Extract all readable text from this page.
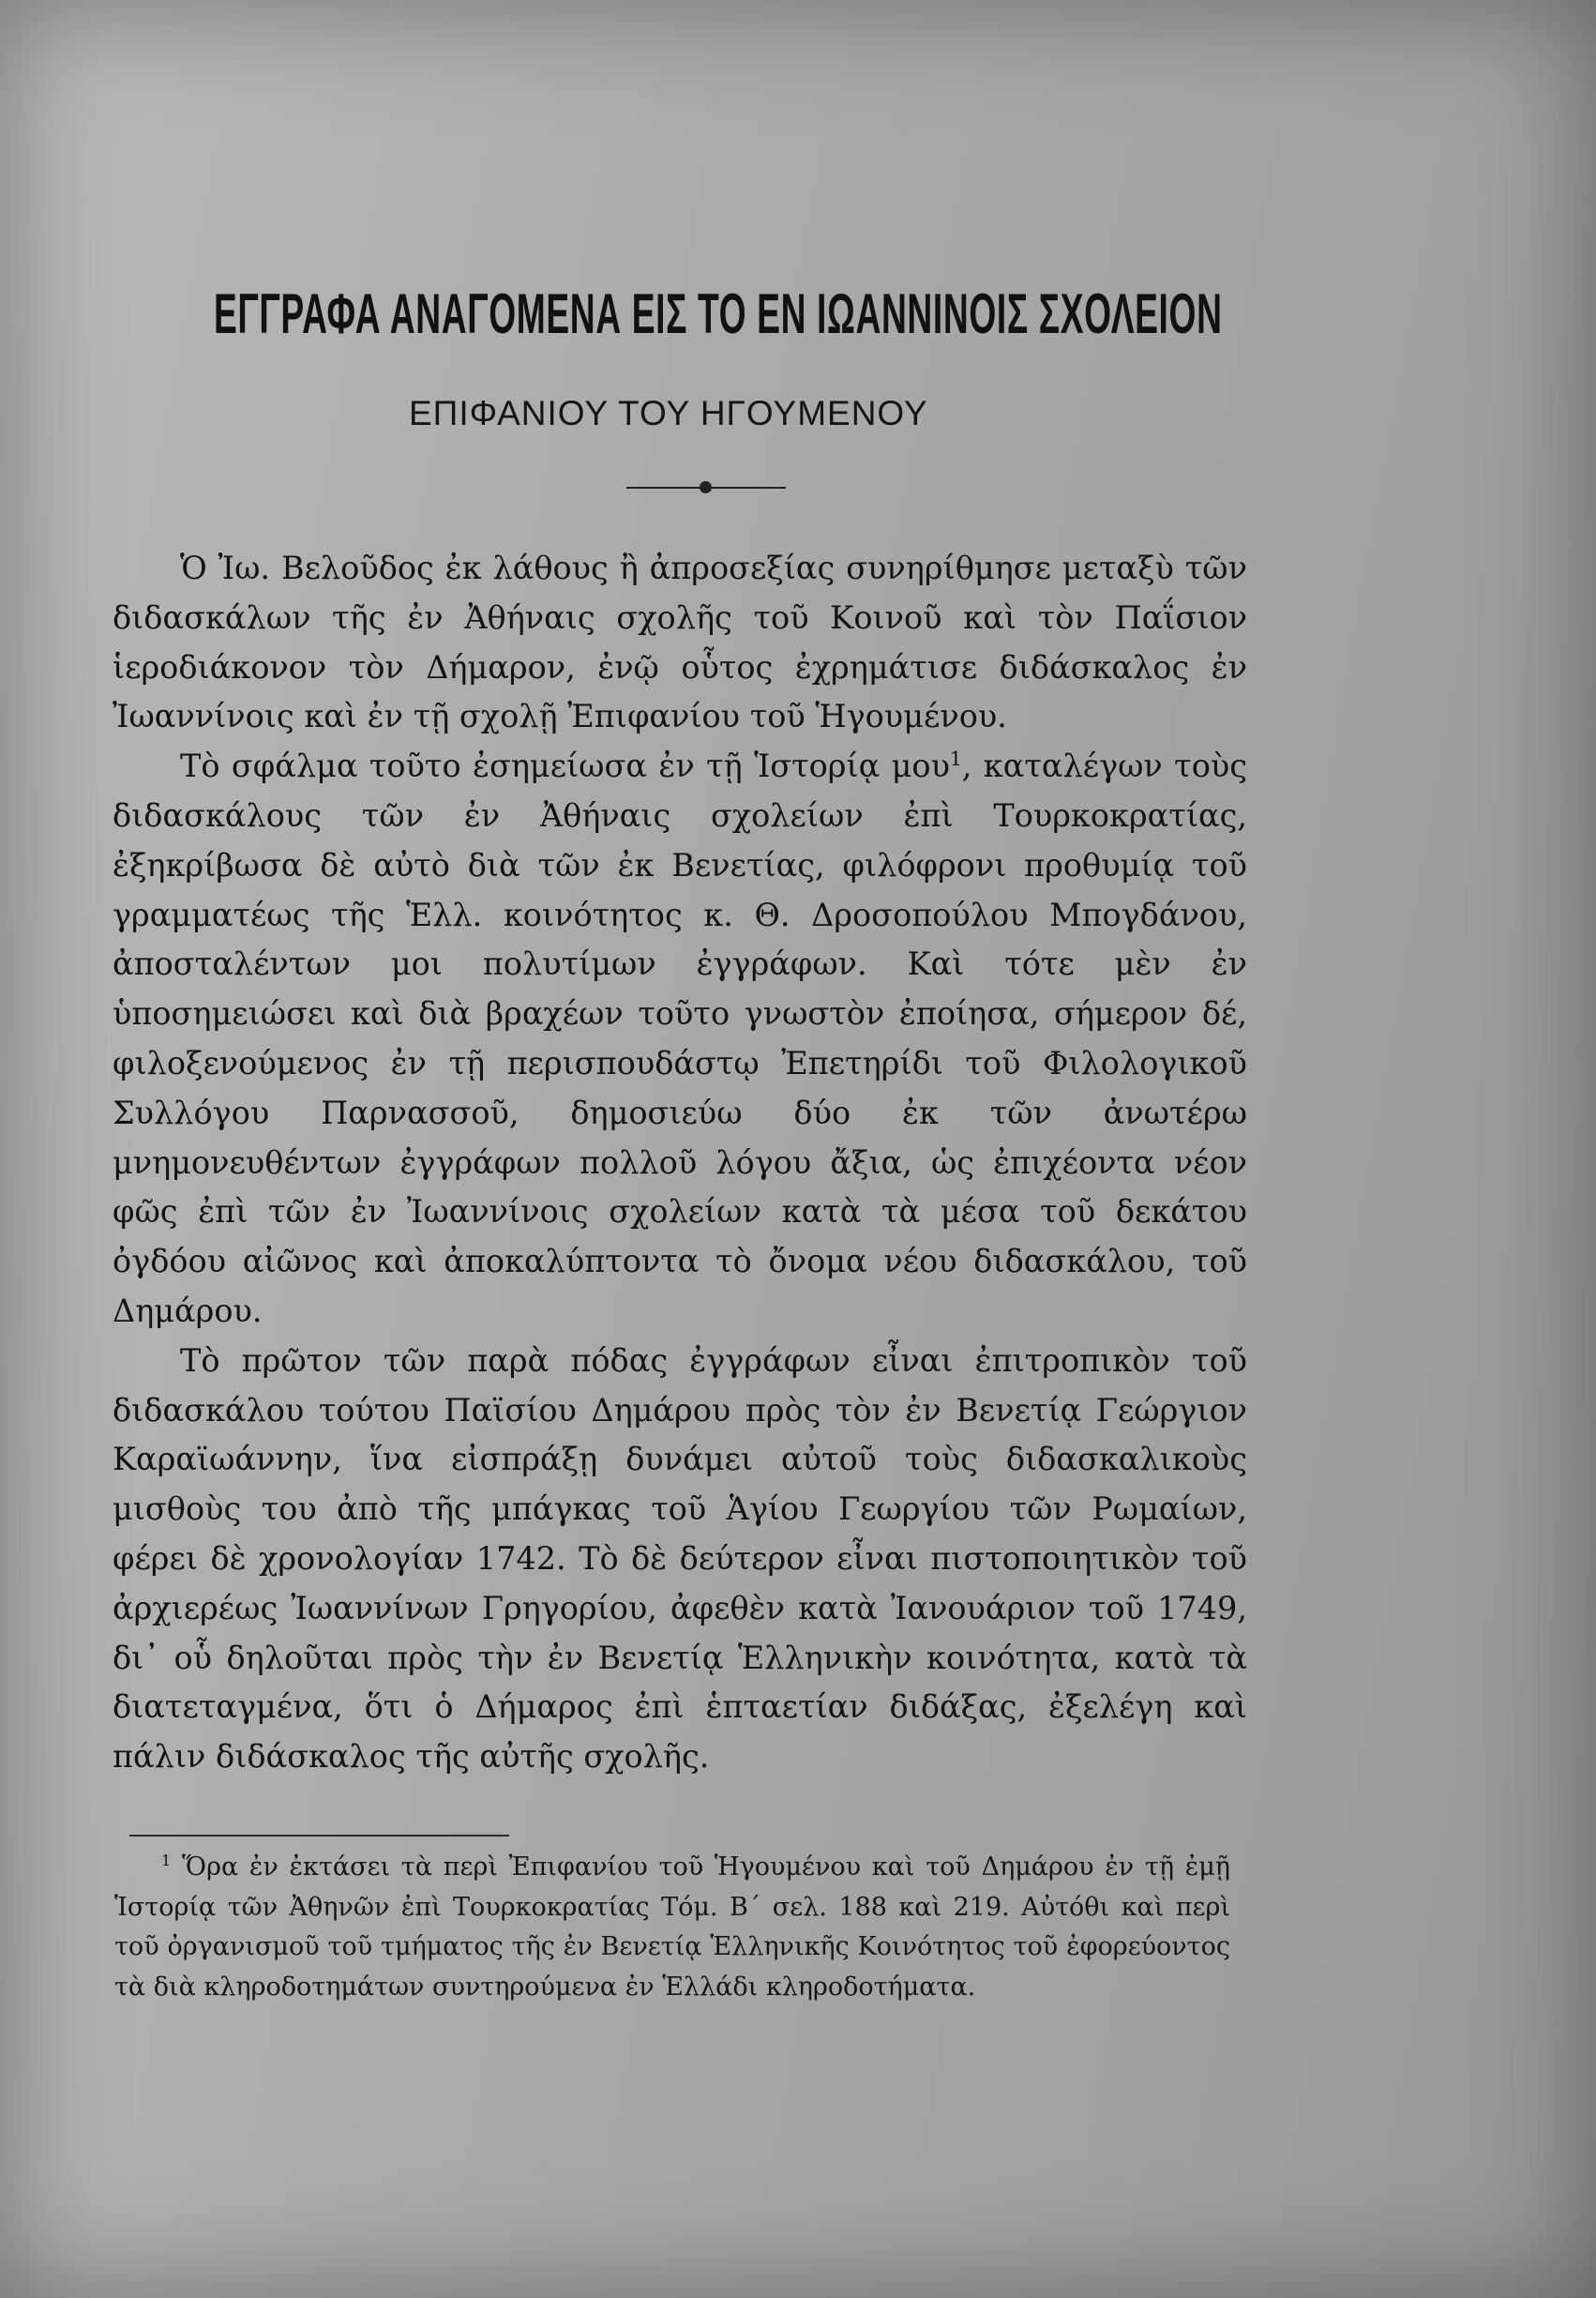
ΕΓΓΡΑΦΑ ΑΝΑΓΟΜΕΝΑ ΕΙΣ ΤΟ ΕΝ ΙΩΑΝΝΙΝΟΙΣ ΣΧΟΛΕΙΟΝ
ΕΠΙΦΑΝΙΟΥ ΤΟΥ ΗΓΟΥΜΕΝΟΥ

Ὁ Ἰω. Βελοῦδος ἐκ λάθους ἢ ἀπροσεξίας συνηρίθμησε μεταξὺ τῶν διδασκάλων τῆς ἐν Ἀθήναις σχολῆς τοῦ Κοινοῦ καὶ τὸν Παΐσιον ἱεροδιάκονον τὸν Δήμαρον, ἐνῷ οὗτος ἐχρημάτισε διδάσκαλος ἐν Ἰωαννίνοις καὶ ἐν τῇ σχολῇ Ἐπιφανίου τοῦ Ἡγουμένου.

Τὸ σφάλμα τοῦτο ἐσημείωσα ἐν τῇ Ἱστορίᾳ μου$^1$, καταλέγων τοὺς διδασκάλους τῶν ἐν Ἀθήναις σχολείων ἐπὶ Τουρκοκρατίας, ἐξηκρίβωσα δὲ αὐτὸ διὰ τῶν ἐκ Βενετίας, φιλόφρονι προθυμίᾳ τοῦ γραμματέως τῆς Ἑλλ. κοινότητος κ. Θ. Δροσοπούλου Μπογδάνου, ἀποσταλέντων μοι πολυτίμων ἐγγράφων. Καὶ τότε μὲν ἐν ὑποσημειώσει καὶ διὰ βραχέων τοῦτο γνωστὸν ἐποίησα, σήμερον δέ, φιλοξενούμενος ἐν τῇ περισπουδάστῳ Ἐπετηρίδι τοῦ Φιλολογικοῦ Συλλόγου Παρνασσοῦ, δημοσιεύω δύο ἐκ τῶν ἀνωτέρω μνημονευθέντων ἐγγράφων πολλοῦ λόγου ἄξια, ὡς ἐπιχέοντα νέον φῶς ἐπὶ τῶν ἐν Ἰωαννίνοις σχολείων κατὰ τὰ μέσα τοῦ δεκάτου ὀγδόου αἰῶνος καὶ ἀποκαλύπτοντα τὸ ὄνομα νέου διδασκάλου, τοῦ Δημάρου.

Τὸ πρῶτον τῶν παρὰ πόδας ἐγγράφων εἶναι ἐπιτροπικὸν τοῦ διδασκάλου τούτου Παϊσίου Δημάρου πρὸς τὸν ἐν Βενετίᾳ Γεώργιον Καραϊωάννην, ἵνα εἰσπράξῃ δυνάμει αὐτοῦ τοὺς διδασκαλικοὺς μισθοὺς του ἀπὸ τῆς μπάγκας τοῦ Ἁγίου Γεωργίου τῶν Ρωμαίων, φέρει δὲ χρονολογίαν 1742. Τὸ δὲ δεύτερον εἶναι πιστοποιητικὸν τοῦ ἀρχιερέως Ἰωαννίνων Γρηγορίου, ἀφεθὲν κατὰ Ἰανουάριον τοῦ 1749, δι᾽ οὗ δηλοῦται πρὸς τὴν ἐν Βενετίᾳ Ἑλληνικὴν κοινότητα, κατὰ τὰ διατεταγμένα, ὅτι ὁ Δήμαρος ἐπὶ ἑπταετίαν διδάξας, ἐξελέγη καὶ πάλιν διδάσκαλος τῆς αὐτῆς σχολῆς.

$^1$ Ὅρα ἐν ἐκτάσει τὰ περὶ Ἐπιφανίου τοῦ Ἡγουμένου καὶ τοῦ Δημάρου ἐν τῇ ἐμῇ Ἱστορίᾳ τῶν Ἀθηνῶν ἐπὶ Τουρκοκρατίας Τόμ. Β΄ σελ. 188 καὶ 219. Αὐτόθι καὶ περὶ τοῦ ὀργανισμοῦ τοῦ τμήματος τῆς ἐν Βενετίᾳ Ἑλληνικῆς Κοινότητος τοῦ ἐφορεύοντος τὰ διὰ κληροδοτημάτων συντηρούμενα ἐν Ἑλλάδι κληροδοτήματα.
